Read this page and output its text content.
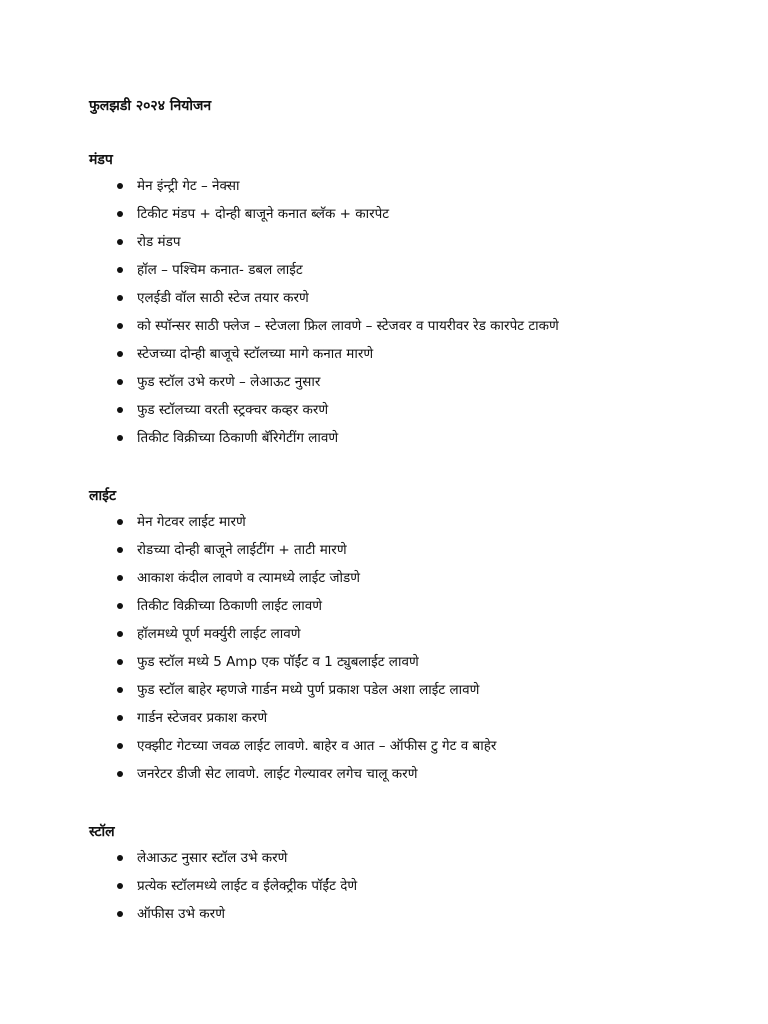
फुलझडी २०२४ नियोजन
मंडप
मेन इंन्ट्री गेट – नेक्सा
टिकीट मंडप + दोन्ही बाजूने कनात ब्लॅक + कारपेट
रोड मंडप
हॉल – पश्चिम कनात- डबल लाईट
एलईडी वॉल साठी स्टेज तयार करणे
को स्पॉन्सर साठी फ्लेज – स्टेजला फ्रिल लावणे – स्टेजवर व पायरीवर रेड कारपेट टाकणे
स्टेजच्या दोन्ही बाजूचे स्टॉलच्या मागे कनात मारणे
फुड स्टॉल उभे करणे – लेआऊट नुसार
फुड स्टॉलच्या वरती स्ट्रक्चर कव्हर करणे
तिकीट विक्रीच्या ठिकाणी बॅरिगेटींग लावणे
लाईट
मेन गेटवर लाईट मारणे
रोडच्या दोन्ही बाजूने लाईटींग + ताटी मारणे
आकाश कंदील लावणे व त्यामध्ये लाईट जोडणे
तिकीट विक्रीच्या ठिकाणी लाईट लावणे
हॉलमध्ये पूर्ण मर्क्युरी लाईट लावणे
फुड स्टॉल मध्ये 5 Amp एक पॉईंट व 1 ट्युबलाईट लावणे
फुड स्टॉल बाहेर म्हणजे गार्डन मध्ये पुर्ण प्रकाश पडेल अशा लाईट लावणे
गार्डन स्टेजवर प्रकाश करणे
एक्झीट गेटच्या जवळ लाईट लावणे. बाहेर व आत – ऑफीस टु गेट व बाहेर
जनरेटर डीजी सेट लावणे. लाईट गेल्यावर लगेच चालू करणे
स्टॉल
लेआऊट नुसार स्टॉल उभे करणे
प्रत्येक स्टॉलमध्ये लाईट व ईलेक्ट्रीक पॉईंट देणे
ऑफीस उभे करणे
